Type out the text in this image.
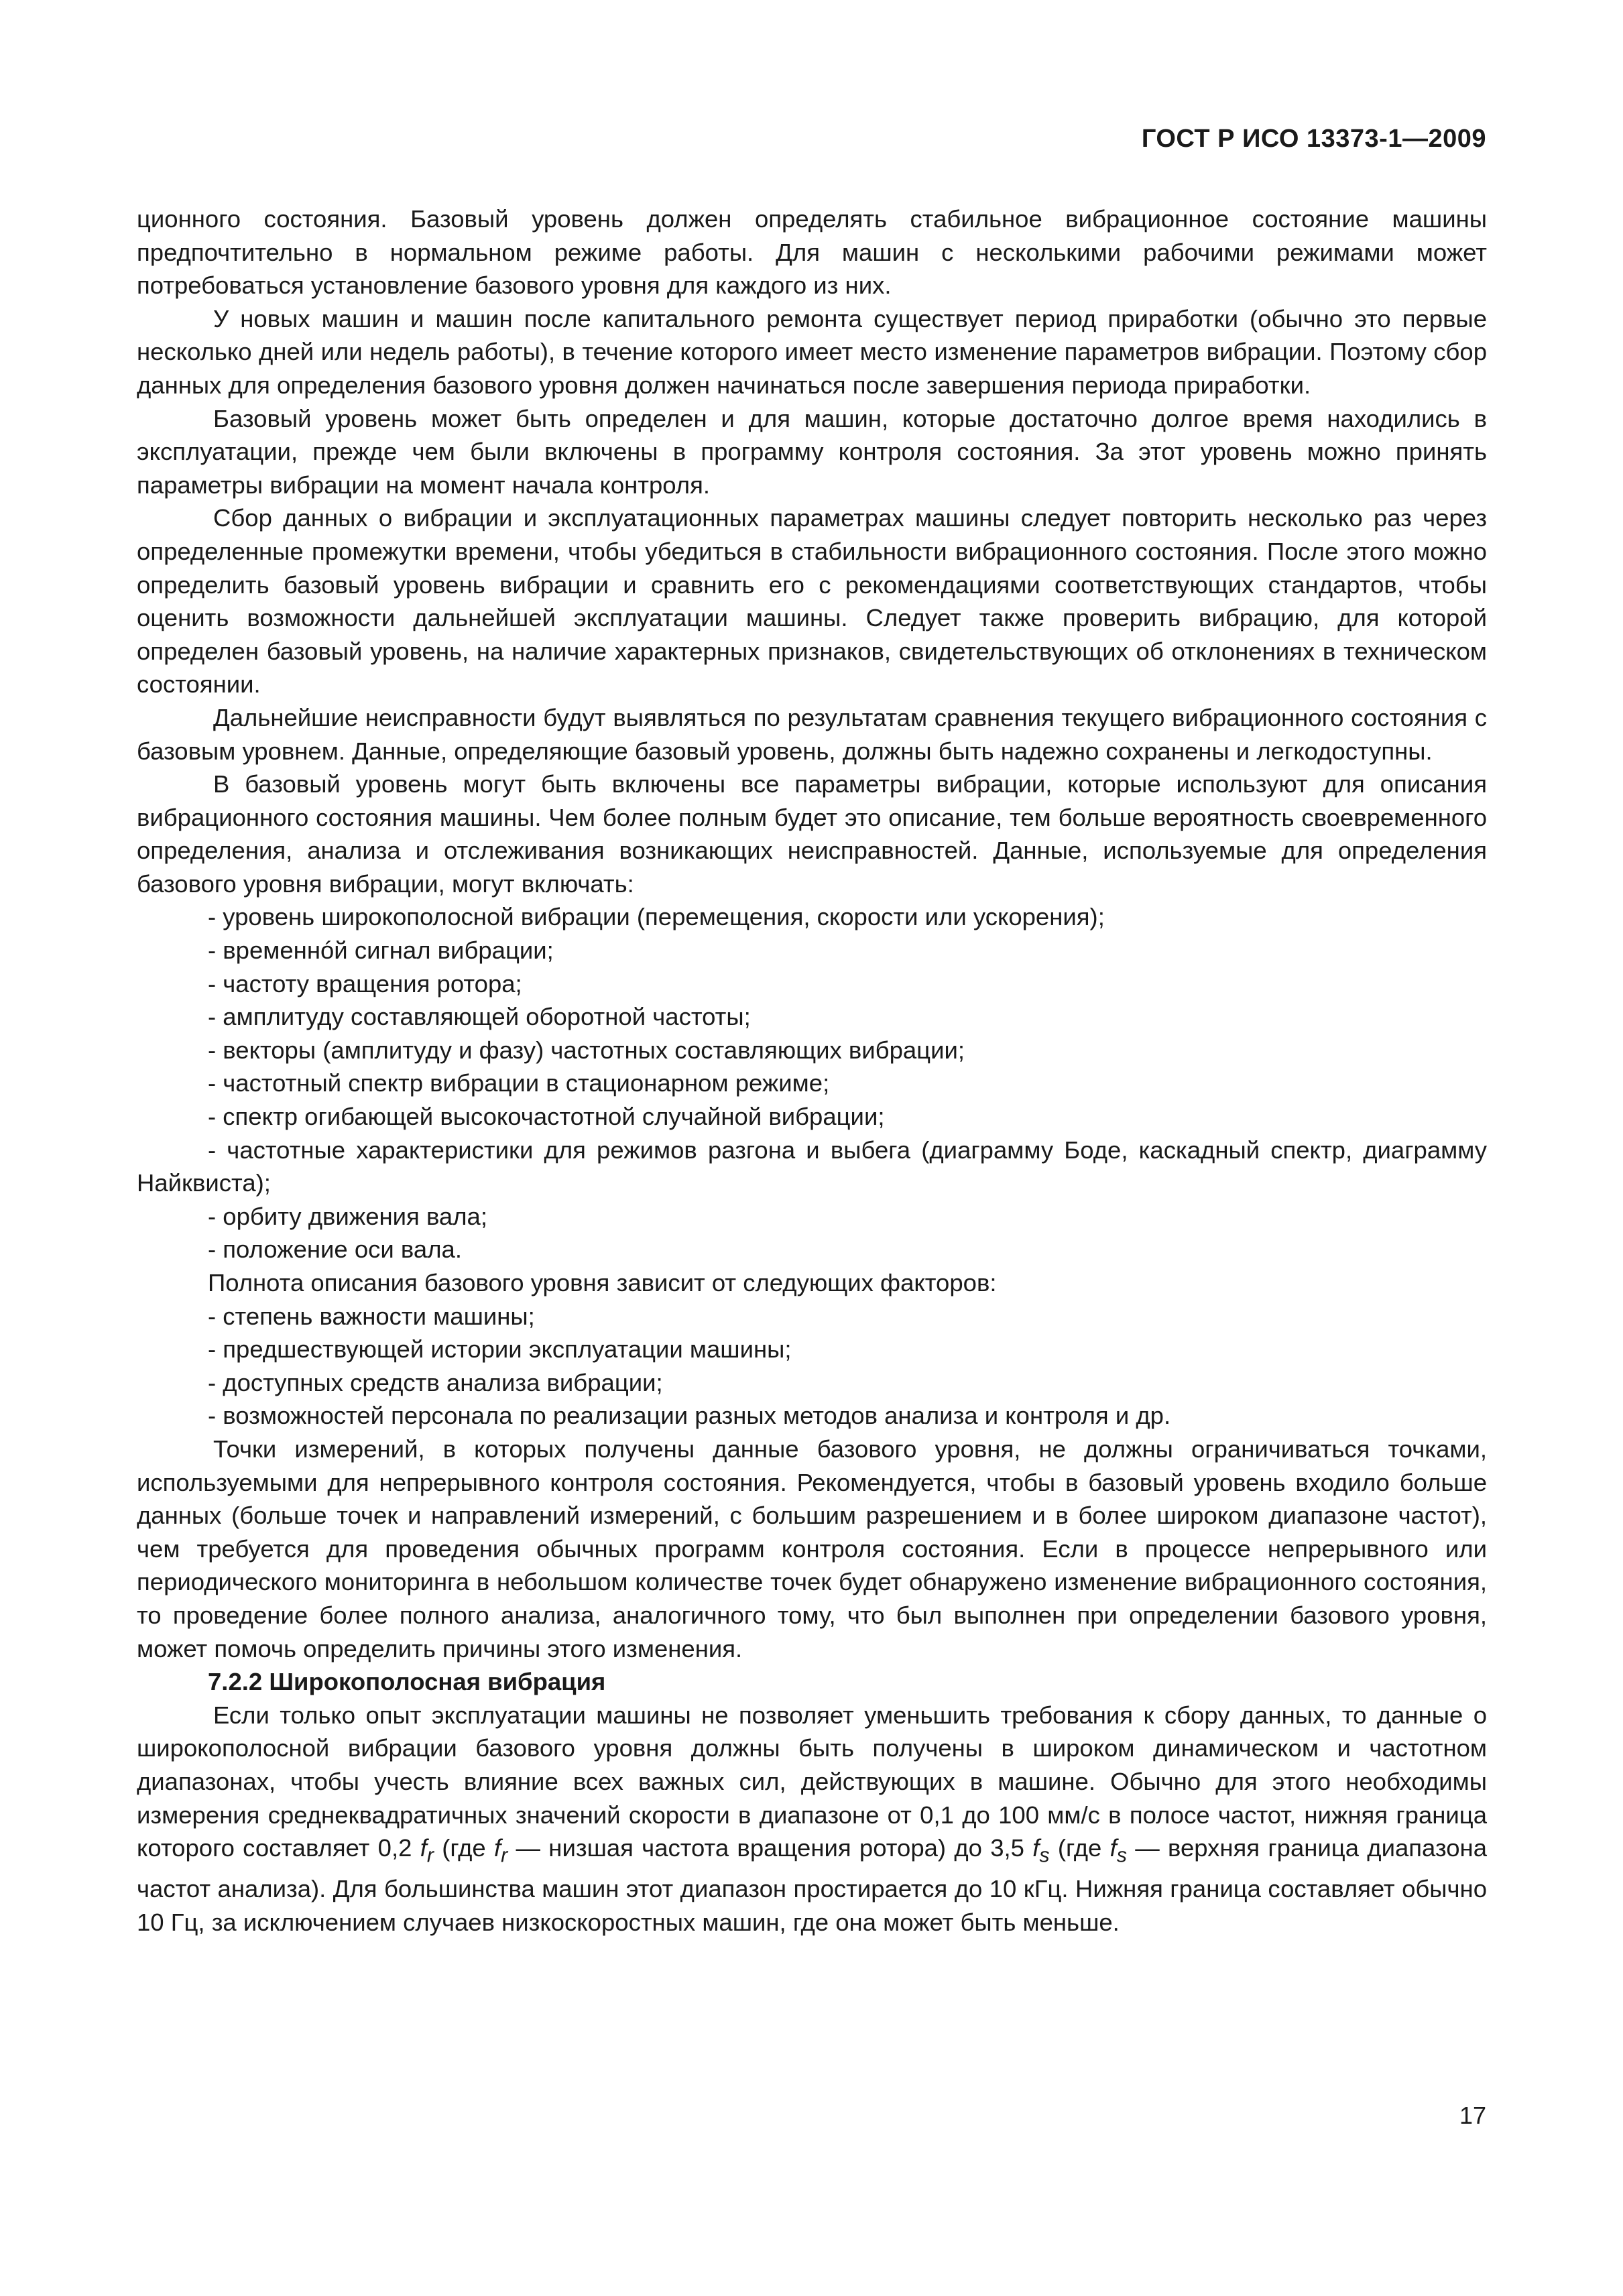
ГОСТ Р ИСО 13373-1—2009

ционного состояния. Базовый уровень должен определять стабильное вибрационное состояние машины предпочтительно в нормальном режиме работы. Для машин с несколькими рабочими режимами может потребоваться установление базового уровня для каждого из них.

У новых машин и машин после капитального ремонта существует период приработки (обычно это первые несколько дней или недель работы), в течение которого имеет место изменение параметров вибрации. Поэтому сбор данных для определения базового уровня должен начинаться после завершения периода приработки.

Базовый уровень может быть определен и для машин, которые достаточно долгое время находились в эксплуатации, прежде чем были включены в программу контроля состояния. За этот уровень можно принять параметры вибрации на момент начала контроля.

Сбор данных о вибрации и эксплуатационных параметрах машины следует повторить несколько раз через определенные промежутки времени, чтобы убедиться в стабильности вибрационного состояния. После этого можно определить базовый уровень вибрации и сравнить его с рекомендациями соответствующих стандартов, чтобы оценить возможности дальнейшей эксплуатации машины. Следует также проверить вибрацию, для которой определен базовый уровень, на наличие характерных признаков, свидетельствующих об отклонениях в техническом состоянии.

Дальнейшие неисправности будут выявляться по результатам сравнения текущего вибрационного состояния с базовым уровнем. Данные, определяющие базовый уровень, должны быть надежно сохранены и легкодоступны.

В базовый уровень могут быть включены все параметры вибрации, которые используют для описания вибрационного состояния машины. Чем более полным будет это описание, тем больше вероятность своевременного определения, анализа и отслеживания возникающих неисправностей. Данные, используемые для определения базового уровня вибрации, могут включать:

- уровень широкополосной вибрации (перемещения, скорости или ускорения);

- временнóй сигнал вибрации;

- частоту вращения ротора;

- амплитуду составляющей оборотной частоты;

- векторы (амплитуду и фазу) частотных составляющих вибрации;

- частотный спектр вибрации в стационарном режиме;

- спектр огибающей высокочастотной случайной вибрации;

- частотные характеристики для режимов разгона и выбега (диаграмму Боде, каскадный спектр, диаграмму Найквиста);

- орбиту движения вала;

- положение оси вала.

Полнота описания базового уровня зависит от следующих факторов:

- степень важности машины;

- предшествующей истории эксплуатации машины;

- доступных средств анализа вибрации;

- возможностей персонала по реализации разных методов анализа и контроля и др.

Точки измерений, в которых получены данные базового уровня, не должны ограничиваться точками, используемыми для непрерывного контроля состояния. Рекомендуется, чтобы в базовый уровень входило больше данных (больше точек и направлений измерений, с большим разрешением и в более широком диапазоне частот), чем требуется для проведения обычных программ контроля состояния. Если в процессе непрерывного или периодического мониторинга в небольшом количестве точек будет обнаружено изменение вибрационного состояния, то проведение более полного анализа, аналогичного тому, что был выполнен при определении базового уровня, может помочь определить причины этого изменения.

7.2.2 Широкополосная вибрация

Если только опыт эксплуатации машины не позволяет уменьшить требования к сбору данных, то данные о широкополосной вибрации базового уровня должны быть получены в широком динамическом и частотном диапазонах, чтобы учесть влияние всех важных сил, действующих в машине. Обычно для этого необходимы измерения среднеквадратичных значений скорости в диапазоне от 0,1 до 100 мм/с в полосе частот, нижняя граница которого составляет 0,2 $f_r$ (где $f_r$ — низшая частота вращения ротора) до 3,5 $f_s$ (где $f_s$ — верхняя граница диапазона частот анализа). Для большинства машин этот диапазон простирается до 10 кГц. Нижняя граница составляет обычно 10 Гц, за исключением случаев низкоскоростных машин, где она может быть меньше.

17
